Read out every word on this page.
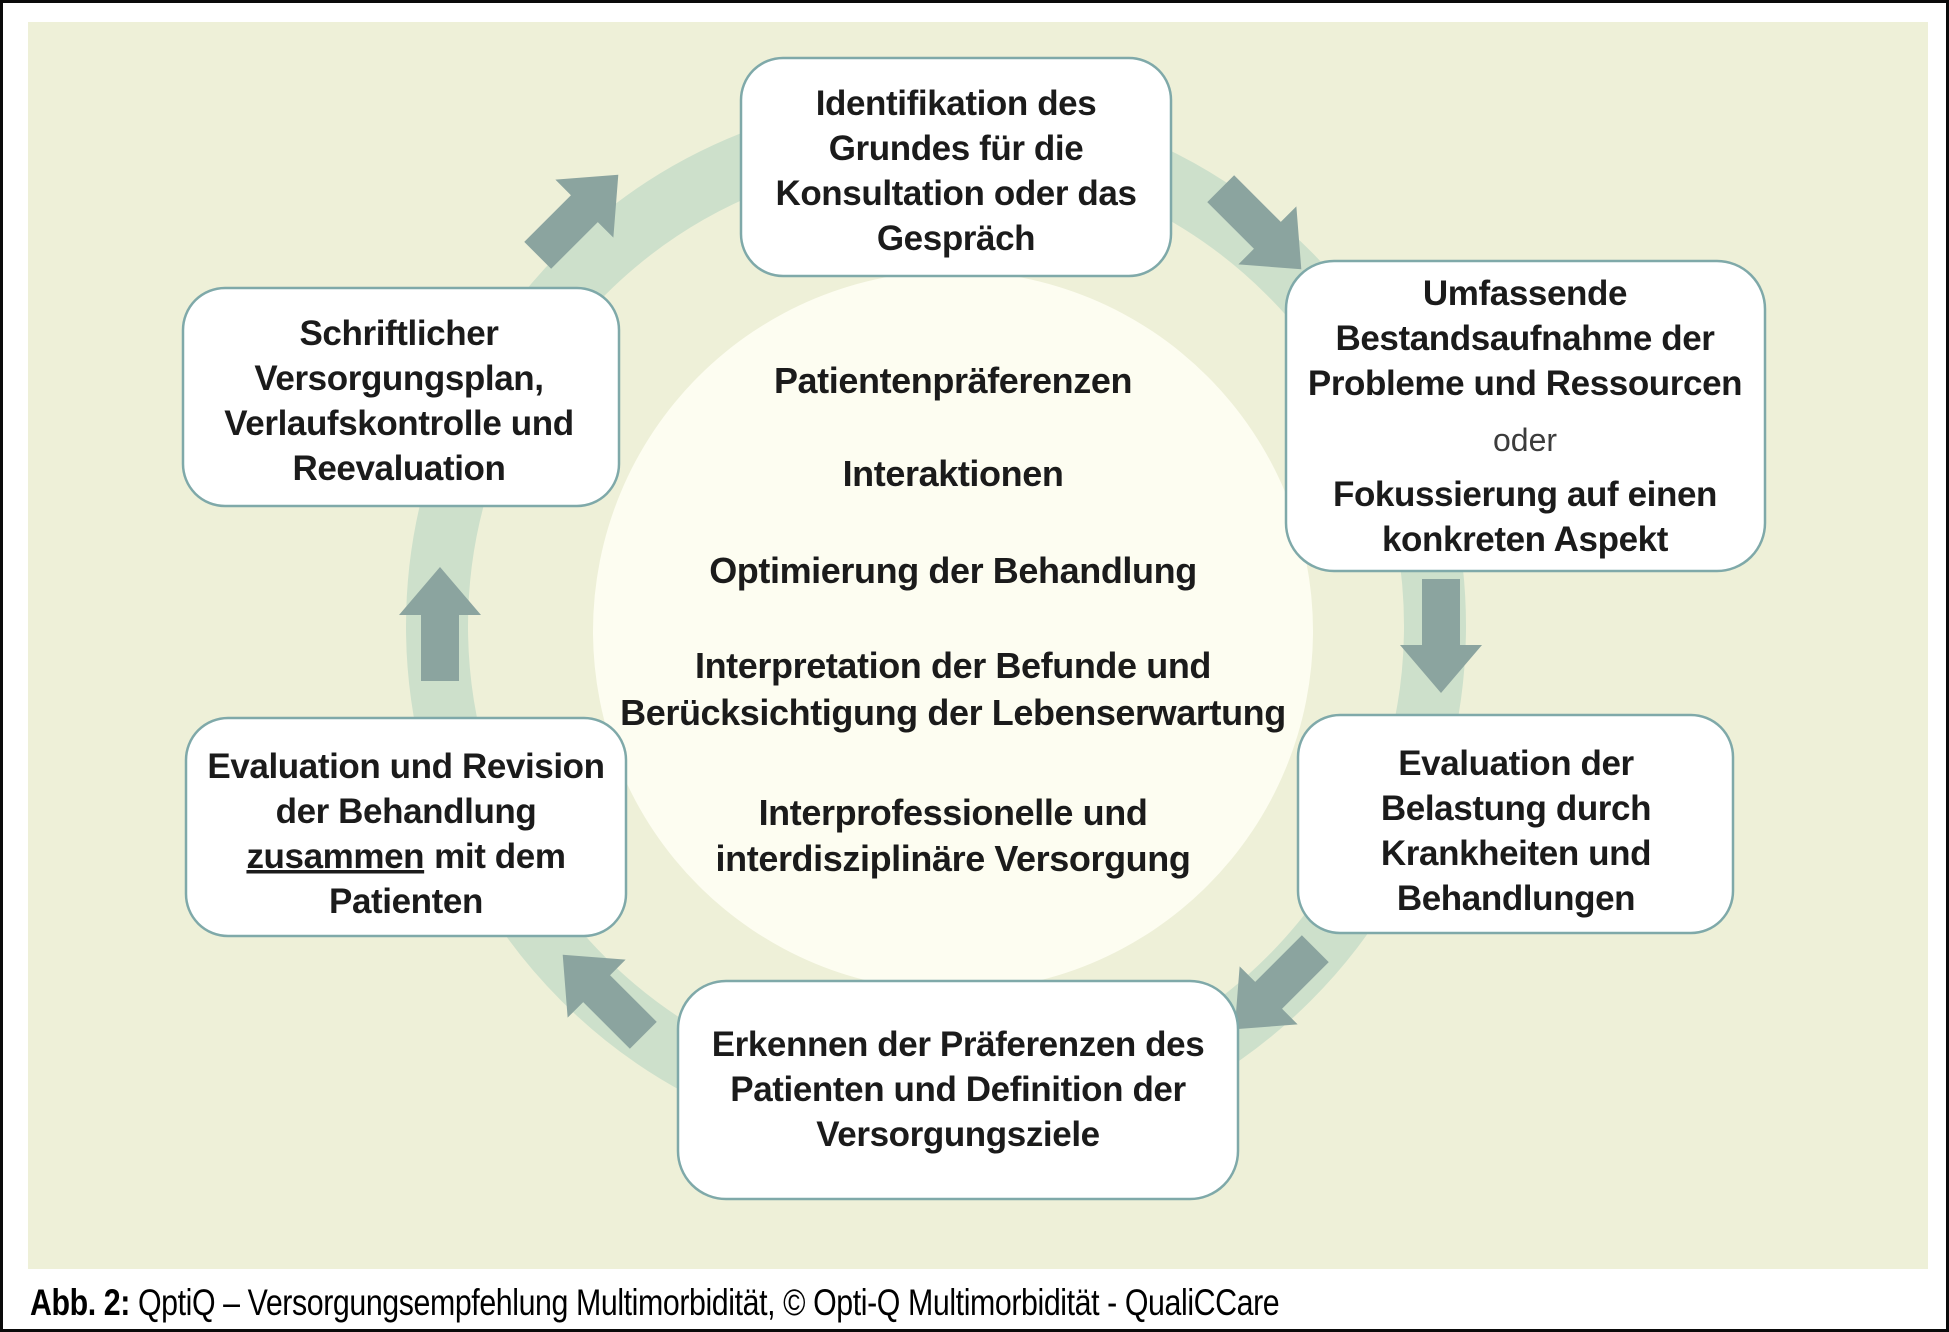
Identifikation des
Grundes für die
Konsultation oder das
Gespräch
Umfassende
Bestandsaufnahme der
Probleme und Ressourcen
oder
Fokussierung auf einen
konkreten Aspekt
Evaluation der
Belastung durch
Krankheiten und
Behandlungen
Erkennen der Präferenzen des
Patienten und Definition der
Versorgungsziele
Evaluation und Revision
der Behandlung
zusammen mit dem
Patienten
Schriftlicher
Versorgungsplan,
Verlaufskontrolle und
Reevaluation
Patientenpräferenzen
Interaktionen
Optimierung der Behandlung
Interpretation der Befunde und
Berücksichtigung der Lebenserwartung
Interprofessionelle und
interdisziplinäre Versorgung
Abb. 2: QptiQ – Versorgungsempfehlung Multimorbidität, © Opti-Q Multimorbidität - QualiCCare
